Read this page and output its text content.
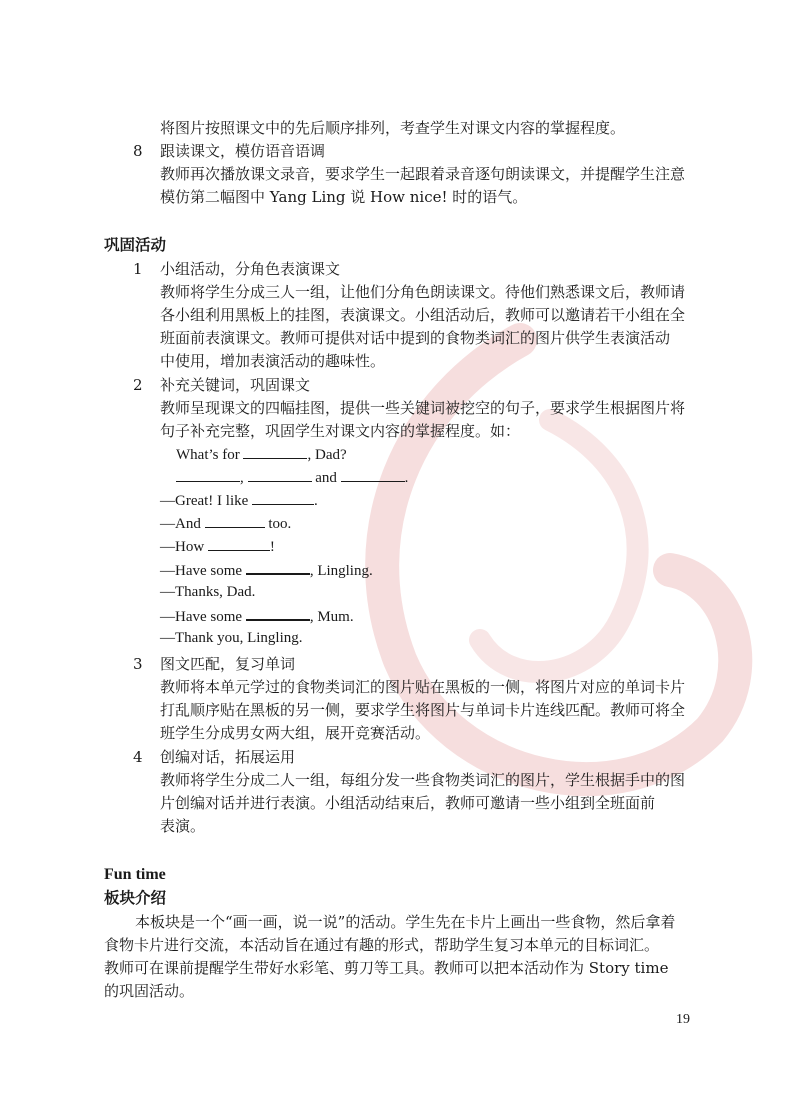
将图片按照课文中的先后顺序排列，考查学生对课文内容的掌握程度。
8 跟读课文，模仿语音语调
教师再次播放课文录音，要求学生一起跟着录音逐句朗读课文，并提醒学生注意
模仿第二幅图中 Yang Ling 说 How nice! 时的语气。
巩固活动
1 小组活动，分角色表演课文
教师将学生分成三人一组，让他们分角色朗读课文。待他们熟悉课文后，教师请
各小组利用黑板上的挂图，表演课文。小组活动后，教师可以邀请若干小组在全
班面前表演课文。教师可提供对话中提到的食物类词汇的图片供学生表演活动
中使用，增加表演活动的趣味性。
2 补充关键词，巩固课文
教师呈现课文的四幅挂图，提供一些关键词被挖空的句子，要求学生根据图片将
句子补充完整，巩固学生对课文内容的掌握程度。如：
What’s for	, Dad?
,	and	.
—Great! I like	.
—And	too.
—How	!
—Have some	, Lingling.
—Thanks, Dad.
—Have some	, Mum.
—Thank you, Lingling.
3 图文匹配，复习单词
教师将本单元学过的食物类词汇的图片贴在黑板的一侧，将图片对应的单词卡片
打乱顺序贴在黑板的另一侧，要求学生将图片与单词卡片连线匹配。教师可将全
班学生分成男女两大组，展开竞赛活动。
4 创编对话，拓展运用
教师将学生分成二人一组，每组分发一些食物类词汇的图片，学生根据手中的图
片创编对话并进行表演。小组活动结束后，教师可邀请一些小组到全班面前
表演。
Fun time
板块介绍
本板块是一个“画一画，说一说”的活动。学生先在卡片上画出一些食物，然后拿着
食物卡片进行交流，本活动旨在通过有趣的形式，帮助学生复习本单元的目标词汇。
教师可在课前提醒学生带好水彩笔、剪刀等工具。教师可以把本活动作为 Story time
的巩固活动。
19
